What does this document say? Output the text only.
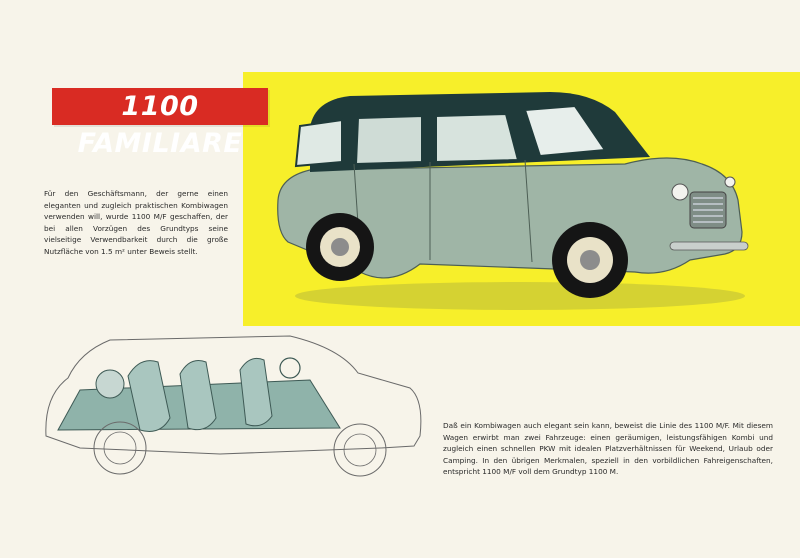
1100 FAMILIARE

Für den Geschäftsmann, der gerne einen eleganten und zugleich praktischen Kombiwagen verwenden will, wurde 1100 M/F geschaffen, der bei allen Vorzügen des Grundtyps seine vielseitige Verwendbarkeit durch die große Nutzfläche von 1.5 m² unter Beweis stellt.

Daß ein Kombiwagen auch elegant sein kann, beweist die Linie des 1100 M/F. Mit diesem Wagen erwirbt man zwei Fahrzeuge: einen geräumigen, leistungsfähigen Kombi und zugleich einen schnellen PKW mit idealen Platzverhältnissen für Weekend, Urlaub oder Camping. In den übrigen Merkmalen, speziell in den vorbildlichen Fahreigenschaften, entspricht 1100 M/F voll dem Grundtyp 1100 M.
